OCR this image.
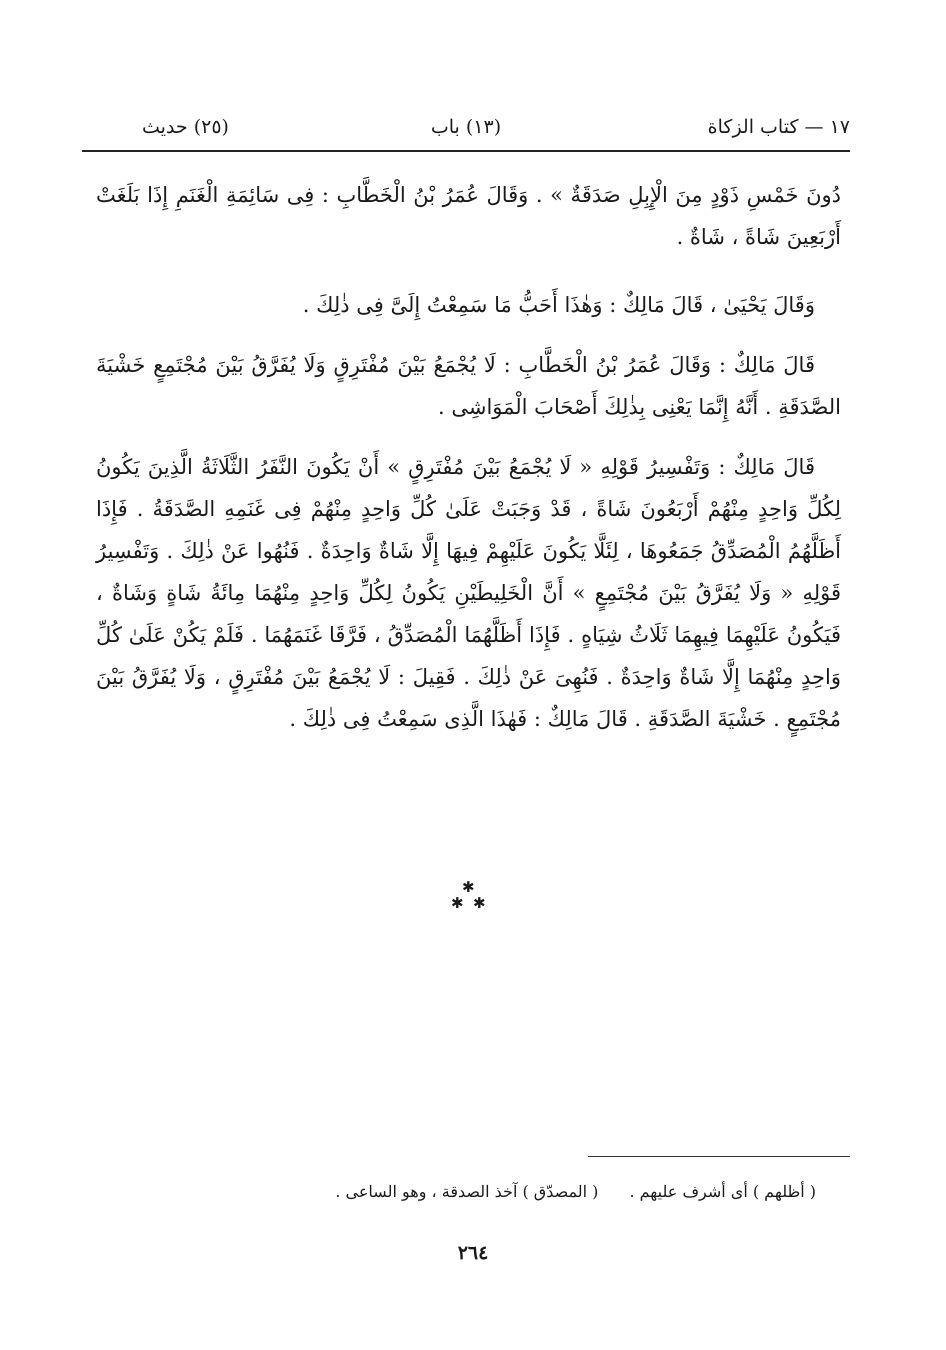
١٧ — كتاب الزكاة
(١٣) باب
(٢٥) حديث

دُونَ خَمْسِ ذَوْدٍ مِنَ الْإِبِلِ صَدَقَةٌ » . وَقَالَ عُمَرُ بْنُ الْخَطَّابِ : فِى سَائِمَةِ الْغَنَمِ إِذَا بَلَغَتْ أَرْبَعِينَ شَاةً ، شَاةٌ .

وَقَالَ يَحْيَىٰ ، قَالَ مَالِكٌ : وَهٰذَا أَحَبُّ مَا سَمِعْتُ إِلَىَّ فِى ذٰلِكَ .

قَالَ مَالِكٌ : وَقَالَ عُمَرُ بْنُ الْخَطَّابِ : لَا يُجْمَعُ بَيْنَ مُفْتَرِقٍ وَلَا يُفَرَّقُ بَيْنَ مُجْتَمِعٍ خَشْيَةَ الصَّدَقَةِ . أَنَّهُ إِنَّمَا يَعْنِى بِذٰلِكَ أَصْحَابَ الْمَوَاشِى .

قَالَ مَالِكٌ : وَتَفْسِيرُ قَوْلِهِ « لَا يُجْمَعُ بَيْنَ مُفْتَرِقٍ » أَنْ يَكُونَ النَّفَرُ الثَّلَاثَةُ الَّذِينَ يَكُونُ لِكُلِّ وَاحِدٍ مِنْهُمْ أَرْبَعُونَ شَاةً ، قَدْ وَجَبَتْ عَلَىٰ كُلِّ وَاحِدٍ مِنْهُمْ فِى غَنَمِهِ الصَّدَقَةُ . فَإِذَا أَظَلَّهُمُ الْمُصَدِّقُ جَمَعُوهَا ، لِئَلَّا يَكُونَ عَلَيْهِمْ فِيهَا إِلَّا شَاةٌ وَاحِدَةٌ . فَنُهُوا عَنْ ذٰلِكَ . وَتَفْسِيرُ قَوْلِهِ « وَلَا يُفَرَّقُ بَيْنَ مُجْتَمِعٍ » أَنَّ الْخَلِيطَيْنِ يَكُونُ لِكُلِّ وَاحِدٍ مِنْهُمَا مِائَةُ شَاةٍ وَشَاةٌ ، فَيَكُونُ عَلَيْهِمَا فِيهِمَا ثَلَاثُ شِيَاهٍ . فَإِذَا أَظَلَّهُمَا الْمُصَدِّقُ ، فَرَّقَا غَنَمَهُمَا . فَلَمْ يَكُنْ عَلَىٰ كُلِّ وَاحِدٍ مِنْهُمَا إِلَّا شَاةٌ وَاحِدَةٌ . فَنُهِىَ عَنْ ذٰلِكَ . فَقِيلَ : لَا يُجْمَعُ بَيْنَ مُفْتَرِقٍ ، وَلَا يُفَرَّقُ بَيْنَ مُجْتَمِعٍ . خَشْيَةَ الصَّدَقَةِ . قَالَ مَالِكٌ : فَهٰذَا الَّذِى سَمِعْتُ فِى ذٰلِكَ .

✱
✱ ✱
( أظلهم ) أى أشرف عليهم . ( المصدّق ) آخذ الصدقة ، وهو الساعى .
٢٦٤
